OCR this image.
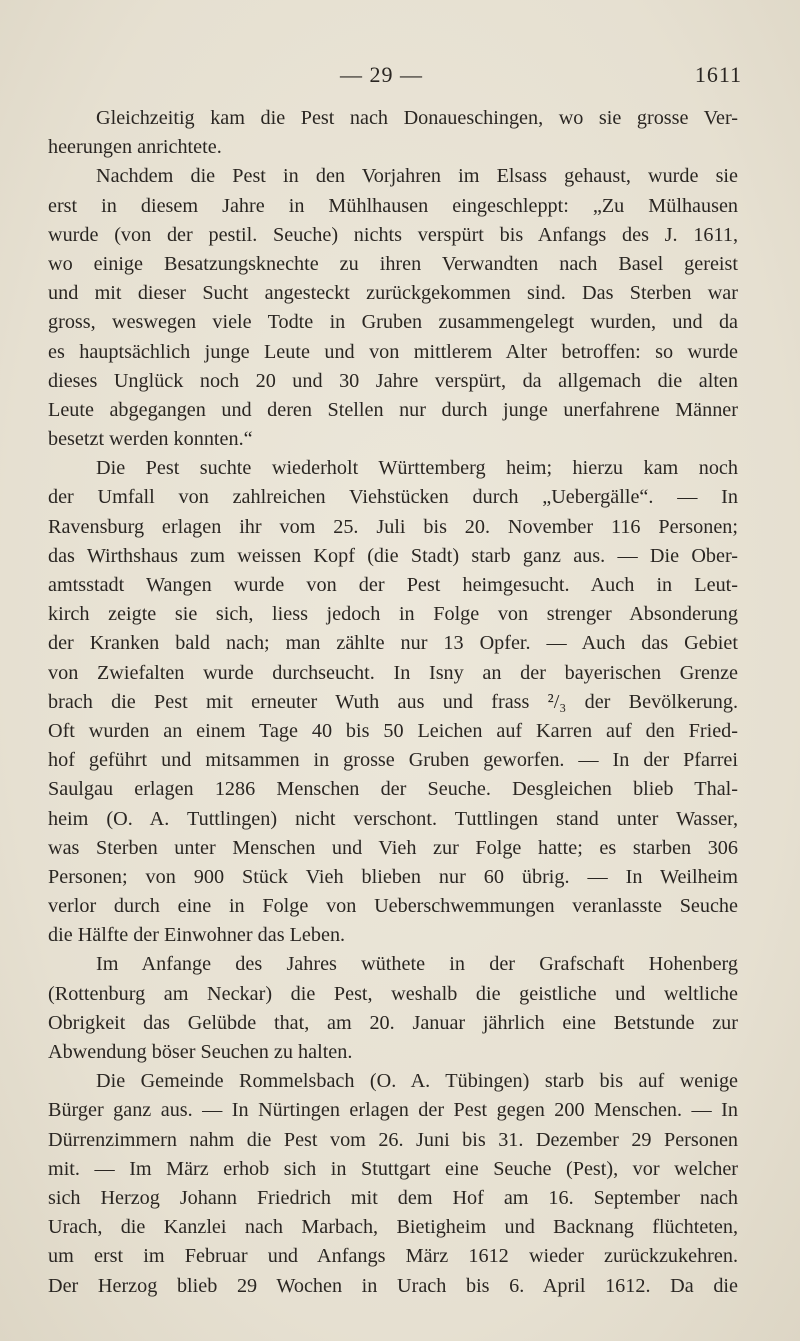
— 29 —	1611
Gleichzeitig kam die Pest nach Donaueschingen, wo sie grosse Ver-
heerungen anrichtete.
Nachdem die Pest in den Vorjahren im Elsass gehaust, wurde sie
erst in diesem Jahre in Mühlhausen eingeschleppt: „Zu Mülhausen
wurde (von der pestil. Seuche) nichts verspürt bis Anfangs des J. 1611,
wo einige Besatzungsknechte zu ihren Verwandten nach Basel gereist
und mit dieser Sucht angesteckt zurückgekommen sind. Das Sterben war
gross, weswegen viele Todte in Gruben zusammengelegt wurden, und da
es hauptsächlich junge Leute und von mittlerem Alter betroffen: so wurde
dieses Unglück noch 20 und 30 Jahre verspürt, da allgemach die alten
Leute abgegangen und deren Stellen nur durch junge unerfahrene Männer
besetzt werden konnten.“
Die Pest suchte wiederholt Württemberg heim; hierzu kam noch
der Umfall von zahlreichen Viehstücken durch „Uebergälle“. — In
Ravensburg erlagen ihr vom 25. Juli bis 20. November 116 Personen;
das Wirthshaus zum weissen Kopf (die Stadt) starb ganz aus. — Die Ober-
amtsstadt Wangen wurde von der Pest heimgesucht. Auch in Leut-
kirch zeigte sie sich, liess jedoch in Folge von strenger Absonderung
der Kranken bald nach; man zählte nur 13 Opfer. — Auch das Gebiet
von Zwiefalten wurde durchseucht. In Isny an der bayerischen Grenze
brach die Pest mit erneuter Wuth aus und frass ²/₃ der Bevölkerung.
Oft wurden an einem Tage 40 bis 50 Leichen auf Karren auf den Fried-
hof geführt und mitsammen in grosse Gruben geworfen. — In der Pfarrei
Saulgau erlagen 1286 Menschen der Seuche. Desgleichen blieb Thal-
heim (O. A. Tuttlingen) nicht verschont. Tuttlingen stand unter Wasser,
was Sterben unter Menschen und Vieh zur Folge hatte; es starben 306
Personen; von 900 Stück Vieh blieben nur 60 übrig. — In Weilheim
verlor durch eine in Folge von Ueberschwemmungen veranlasste Seuche
die Hälfte der Einwohner das Leben.
Im Anfange des Jahres wüthete in der Grafschaft Hohenberg
(Rottenburg am Neckar) die Pest, weshalb die geistliche und weltliche
Obrigkeit das Gelübde that, am 20. Januar jährlich eine Betstunde zur
Abwendung böser Seuchen zu halten.
Die Gemeinde Rommelsbach (O. A. Tübingen) starb bis auf wenige
Bürger ganz aus. — In Nürtingen erlagen der Pest gegen 200 Menschen. — In
Dürrenzimmern nahm die Pest vom 26. Juni bis 31. Dezember 29 Personen
mit. — Im März erhob sich in Stuttgart eine Seuche (Pest), vor welcher
sich Herzog Johann Friedrich mit dem Hof am 16. September nach
Urach, die Kanzlei nach Marbach, Bietigheim und Backnang flüchteten,
um erst im Februar und Anfangs März 1612 wieder zurückzukehren.
Der Herzog blieb 29 Wochen in Urach bis 6. April 1612. Da die
